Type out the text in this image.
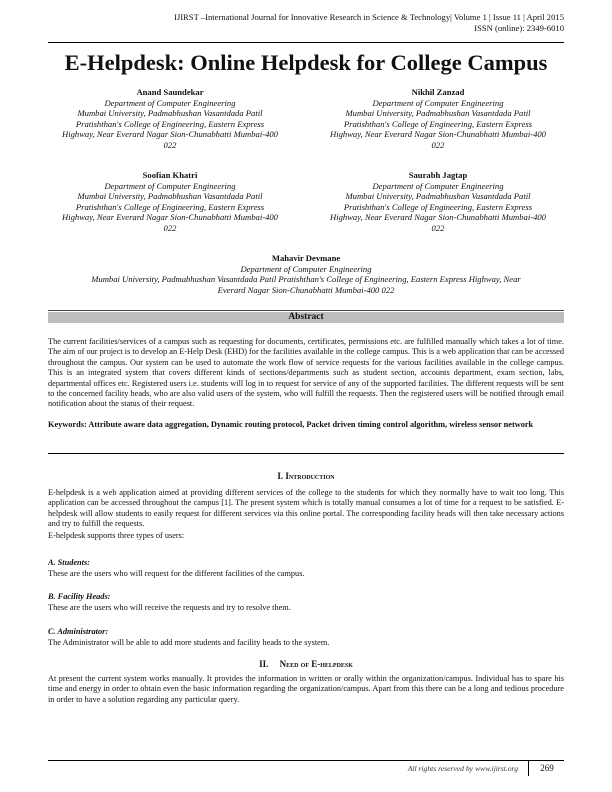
IJIRST –International Journal for Innovative Research in Science & Technology| Volume 1 | Issue 11 | April 2015
ISSN (online): 2349-6010
E-Helpdesk: Online Helpdesk for College Campus
Anand Saundekar
Department of Computer Engineering
Mumbai University, Padmabhushan Vasantdada Patil
Pratishthan's College of Engineering, Eastern Express
Highway, Near Everard Nagar Sion-Chunabhatti Mumbai-400
022
Nikhil Zanzad
Department of Computer Engineering
Mumbai University, Padmabhushan Vasantdada Patil
Pratishthan's College of Engineering, Eastern Express
Highway, Near Everard Nagar Sion-Chunabhatti Mumbai-400
022
Soofian Khatri
Department of Computer Engineering
Mumbai University, Padmabhushan Vasantdada Patil
Pratishthan's College of Engineering, Eastern Express
Highway, Near Everard Nagar Sion-Chunabhatti Mumbai-400
022
Saurabh Jagtap
Department of Computer Engineering
Mumbai University, Padmabhushan Vasantdada Patil
Pratishthan's College of Engineering, Eastern Express
Highway, Near Everard Nagar Sion-Chunabhatti Mumbai-400
022
Mahavir Devmane
Department of Computer Engineering
Mumbai University, Padmabhushan Vasantdada Patil Pratishthan's College of Engineering, Eastern Express Highway, Near
Everard Nagar Sion-Chunabhatti Mumbai-400 022
Abstract
The current facilities/services of a campus such as requesting for documents, certificates, permissions etc. are fulfilled manually which takes a lot of time. The aim of our project is to develop an E-Help Desk (EHD) for the facilities available in the college campus. This is a web application that can be accessed throughout the campus. Our system can be used to automate the work flow of service requests for the various facilities available in the college campus. This is an integrated system that covers different kinds of sections/departments such as student section, accounts department, exam section, labs, departmental offices etc. Registered users i.e. students will log in to request for service of any of the supported facilities. The different requests will be sent to the concerned facility heads, who are also valid users of the system, who will fulfill the requests. Then the registered users will be notified through email notification about the status of their request.
Keywords: Attribute aware data aggregation, Dynamic routing protocol, Packet driven timing control algorithm, wireless sensor network
I. Introduction
E-helpdesk is a web application aimed at providing different services of the college to the students for which they normally have to wait too long. This application can be accessed throughout the campus [1]. The present system which is totally manual consumes a lot of time for a request to be satisfied. E-helpdesk will allow students to easily request for different services via this online portal. The corresponding facility heads will then take necessary actions and try to fulfill the requests.
E-helpdesk supports three types of users:
A. Students:
These are the users who will request for the different facilities of the campus.
B. Facility Heads:
These are the users who will receive the requests and try to resolve them.
C. Administrator:
The Administrator will be able to add more students and facility heads to the system.
II. Need of E-helpdesk
At present the current system works manually. It provides the information in written or orally within the organization/campus. Individual has to spare his time and energy in order to obtain even the basic information regarding the organization/campus. Apart from this there can be a long and tedious procedure in order to have a solution regarding any particular query.
All rights reserved by www.ijirst.org	269
